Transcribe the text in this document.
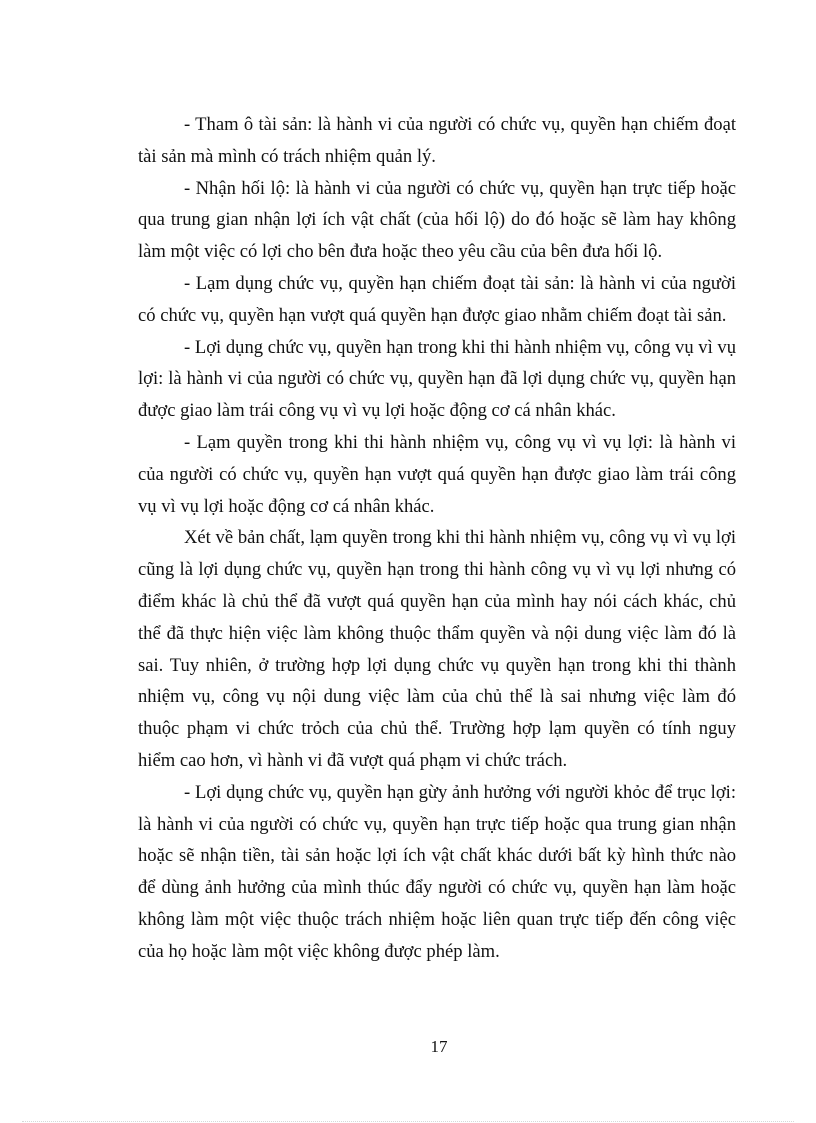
- Tham ô tài sản: là hành vi của người có chức vụ, quyền hạn chiếm đoạt tài sản mà mình có trách nhiệm quản lý.

- Nhận hối lộ: là hành vi của người có chức vụ, quyền hạn trực tiếp hoặc qua trung gian nhận lợi ích vật chất (của hối lộ) do đó hoặc sẽ làm hay không làm một việc có lợi cho bên đưa hoặc theo yêu cầu của bên đưa hối lộ.

- Lạm dụng chức vụ, quyền hạn chiếm đoạt tài sản: là hành vi của người có chức vụ, quyền hạn vượt quá quyền hạn được giao nhằm chiếm đoạt tài sản.

- Lợi dụng chức vụ, quyền hạn trong khi thi hành nhiệm vụ, công vụ vì vụ lợi: là hành vi của người có chức vụ, quyền hạn đã lợi dụng chức vụ, quyền hạn được giao làm trái công vụ vì vụ lợi hoặc động cơ cá nhân khác.

- Lạm quyền trong khi thi hành nhiệm vụ, công vụ vì vụ lợi: là hành vi của người có chức vụ, quyền hạn vượt quá quyền hạn được giao làm trái công vụ vì vụ lợi hoặc động cơ cá nhân khác.

Xét về bản chất, lạm quyền trong khi thi hành nhiệm vụ, công vụ vì vụ lợi cũng là lợi dụng chức vụ, quyền hạn trong thi hành công vụ vì vụ lợi nhưng có điểm khác là chủ thể đã vượt quá quyền hạn của mình hay nói cách khác, chủ thể đã thực hiện việc làm không thuộc thẩm quyền và nội dung việc làm đó là sai. Tuy nhiên, ở trường hợp lợi dụng chức vụ quyền hạn trong khi thi thành nhiệm vụ, công vụ nội dung việc làm của chủ thể là sai nhưng việc làm đó thuộc phạm vi chức trỏch của chủ thể. Trường hợp lạm quyền có tính nguy hiểm cao hơn, vì hành vi đã vượt quá phạm vi chức trách.

- Lợi dụng chức vụ, quyền hạn gừy ảnh hưởng với người khỏc để trục lợi: là hành vi của người có chức vụ, quyền hạn trực tiếp hoặc qua trung gian nhận hoặc sẽ nhận tiền, tài sản hoặc lợi ích vật chất khác dưới bất kỳ hình thức nào để dùng ảnh hưởng của mình thúc đẩy người có chức vụ, quyền hạn làm hoặc không làm một việc thuộc trách nhiệm hoặc liên quan trực tiếp đến công việc của họ hoặc làm một việc không được phép làm.

17
